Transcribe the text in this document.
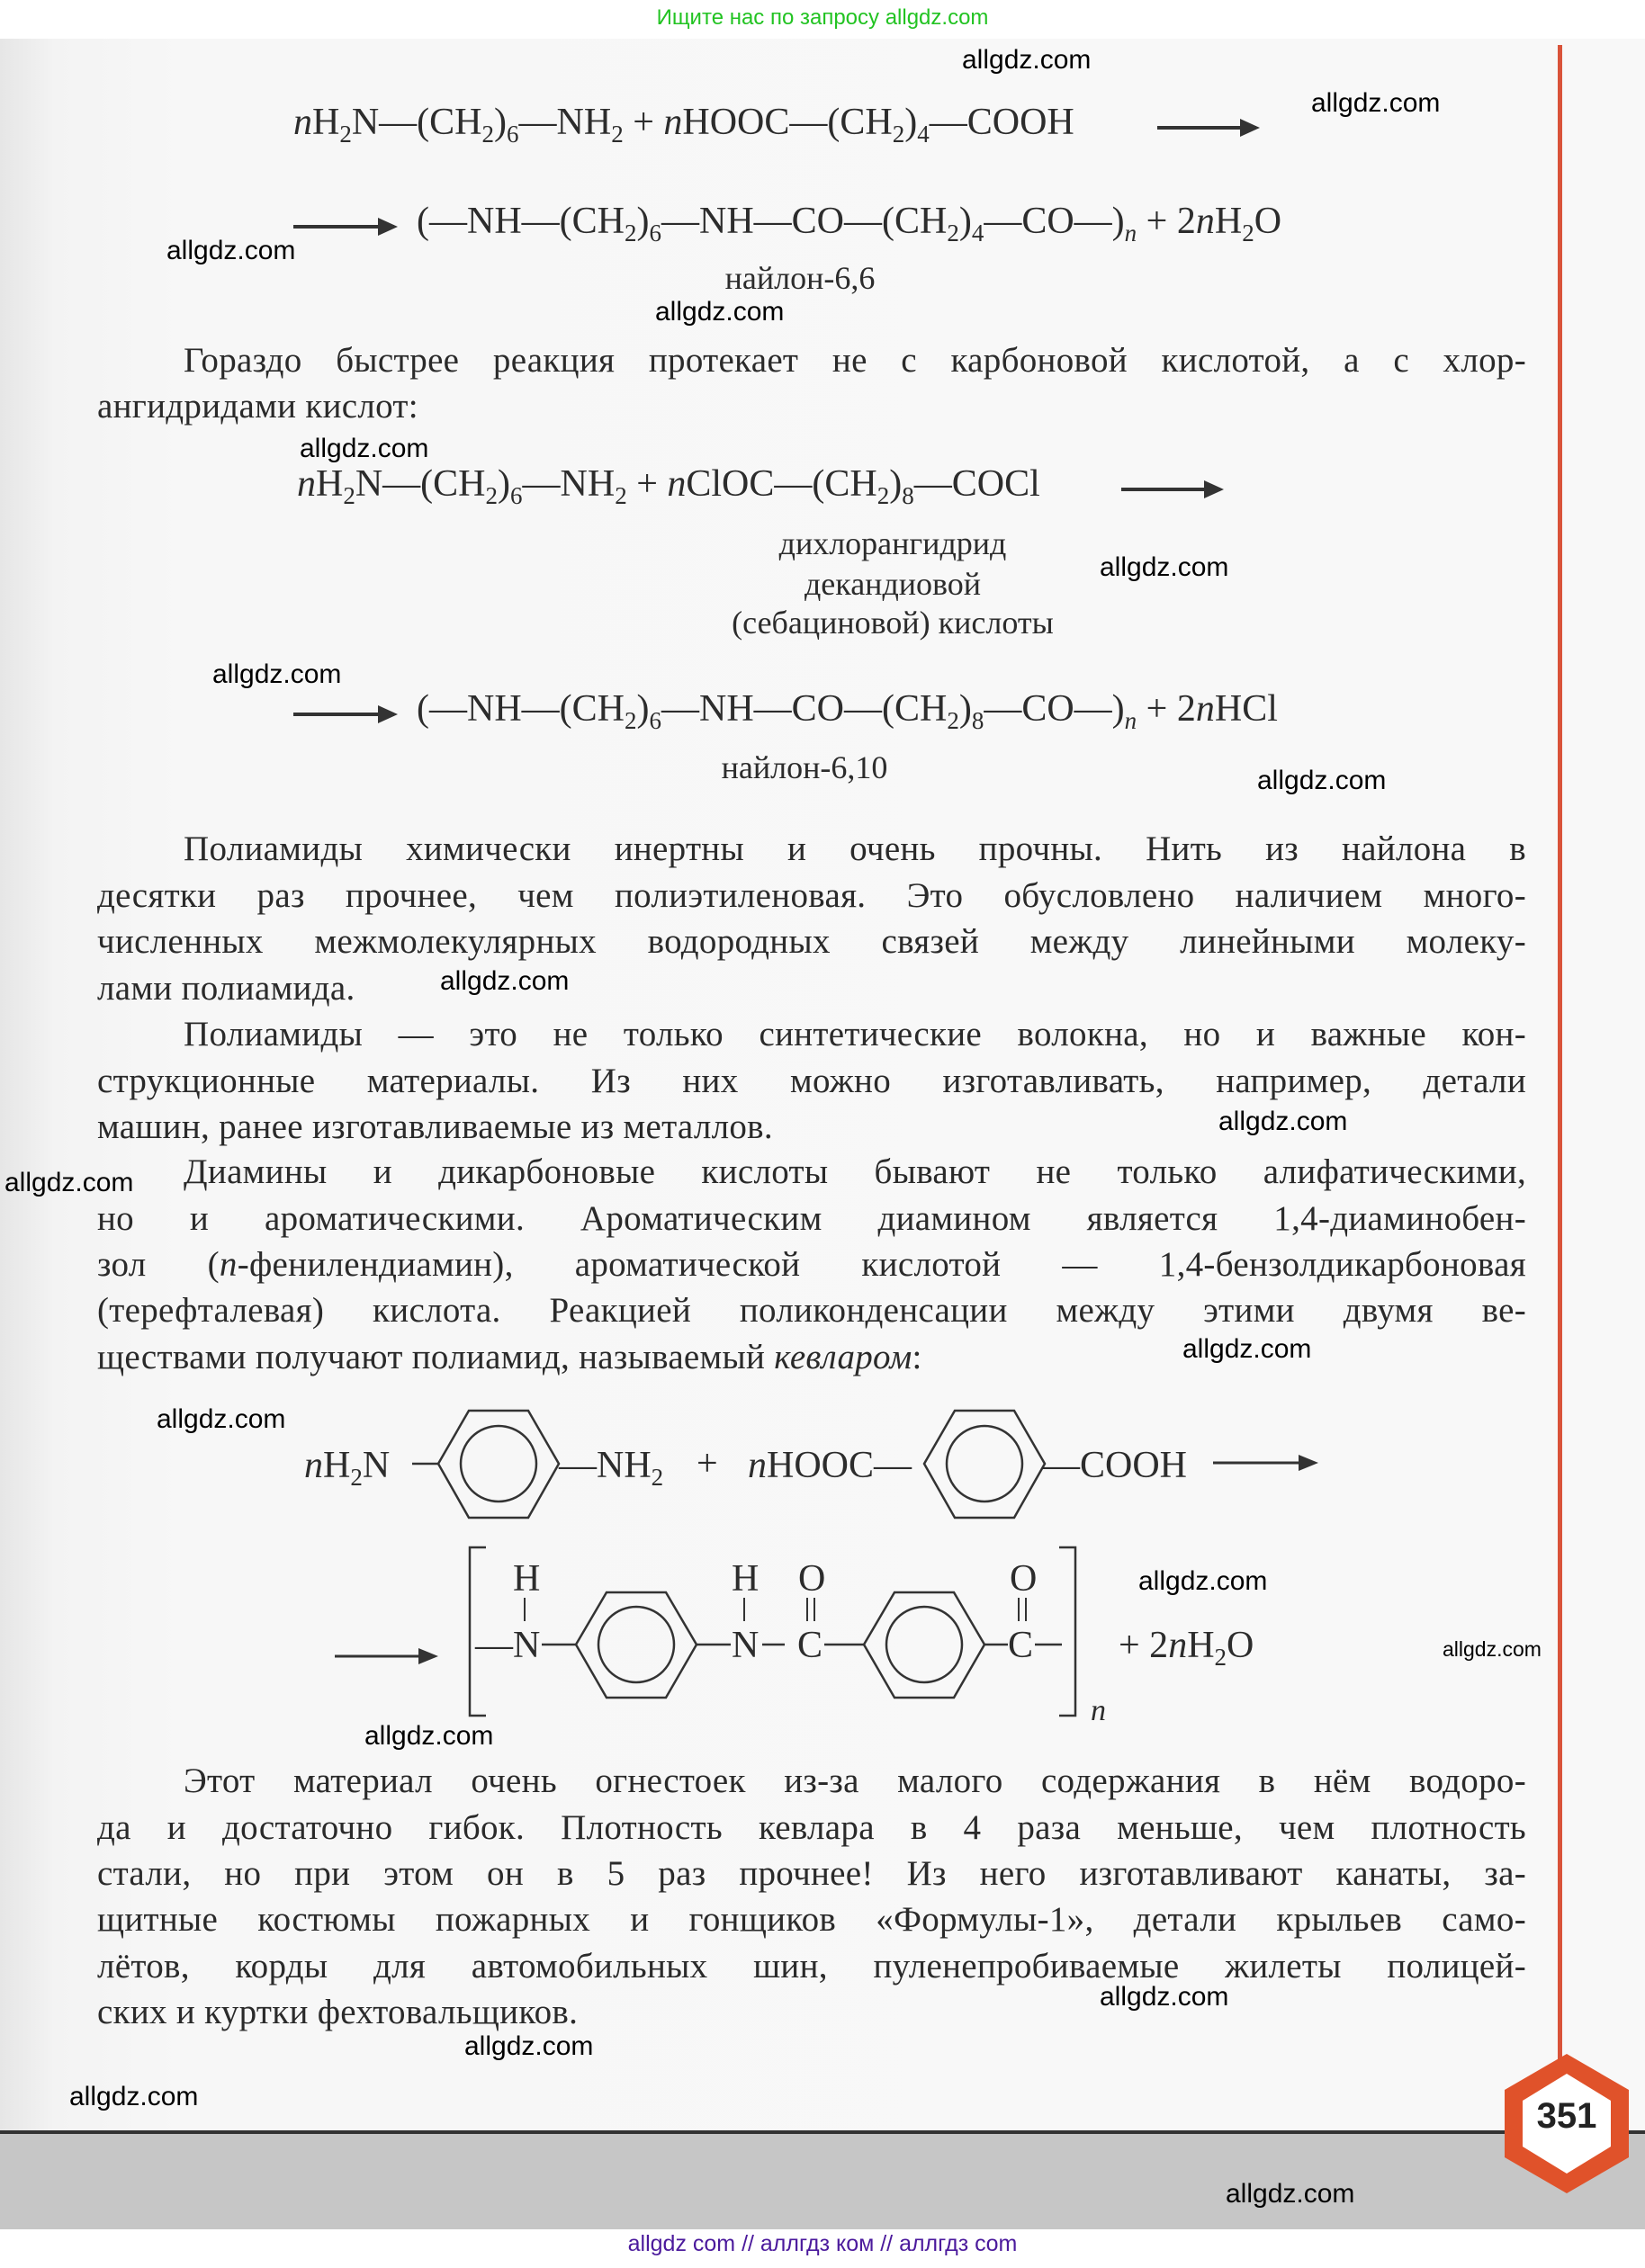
Ищите нас по запросу allgdz.com
$nH_2N—(CH_2)_6—NH_2$ + $nHOOC—(CH_2)_4—COOH$
$(—NH—(CH_2)_6—NH—CO—(CH_2)_4—CO—)_n + 2nH_2O$
найлон-6,6
Гораздо быстрее реакция протекает не с карбоновой кислотой, а с хлор-
ангидридами кислот:
$nH_2N—(CH_2)_6—NH_2$ + $nClOC—(CH_2)_8—COCl$
дихлорангидрид
декандиовой
(себациновой) кислоты
$(—NH—(CH_2)_6—NH—CO—(CH_2)_8—CO—)_n$ + 2nHCl
найлон-6,10
Полиамиды химически инертны и очень прочны. Нить из найлона в
десятки раз прочнее, чем полиэтиленовая. Это обусловлено наличием много-
численных межмолекулярных водородных связей между линейными молеку-
лами полиамида.
Полиамиды — это не только синтетические волокна, но и важные кон-
струкционные материалы. Из них можно изготавливать, например, детали
машин, ранее изготавливаемые из металлов.
Диамины и дикарбоновые кислоты бывают не только алифатическими,
но и ароматическими. Ароматическим диамином является 1,4-диаминобен-
зол (п-фенилендиамин), ароматической кислотой — 1,4-бензолдикарбоновая
(терефталевая) кислота. Реакцией поликонденсации между этими двумя ве-
ществами получают полиамид, называемый кевларом:
$nH_2N$	$—NH_2$ + nHOOC—	—COOH
H
—N
H
N
O
C
O
C
n
+ $2nH_2O$
Этот материал очень огнестоек из-за малого содержания в нём водоро-
да и достаточно гибок. Плотность кевлара в 4 раза меньше, чем плотность
стали, но при этом он в 5 раз прочнее! Из него изготавливают канаты, за-
щитные костюмы пожарных и гонщиков «Формулы-1», детали крыльев само-
лётов, корды для автомобильных шин, пуленепробиваемые жилеты полицей-
ских и куртки фехтовальщиков.
351
allgdz.com
allgdz.com
allgdz.com
allgdz.com
allgdz.com
allgdz.com
allgdz.com
allgdz.com
allgdz.com
allgdz.com
allgdz.com
allgdz.com
allgdz.com
allgdz.com
allgdz.com
allgdz.com
allgdz.com
allgdz.com
allgdz.com
allgdz.com
allgdz com // аллгдз ком // аллгдз com
